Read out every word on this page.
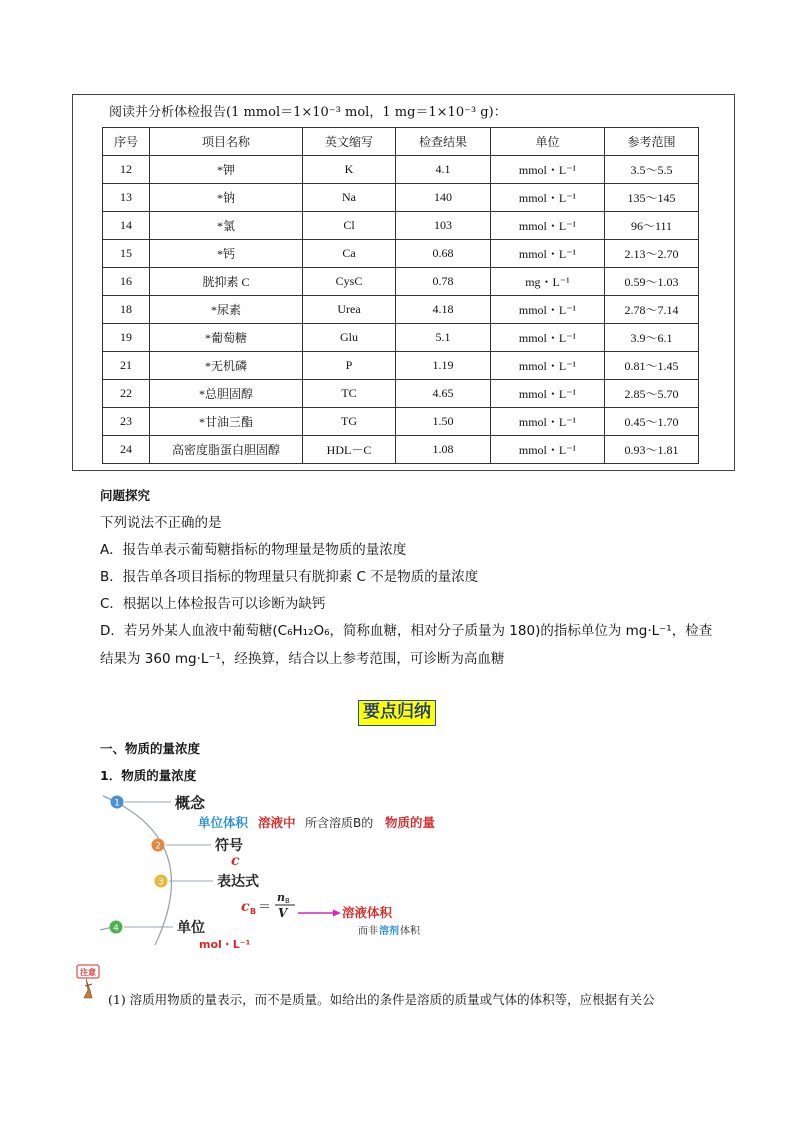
阅读并分析体检报告(1 mmol＝1×10⁻³ mol，1 mg＝1×10⁻³ g)：
序号	项目名称	英文缩写	检查结果	单位	参考范围
12	*钾	K	4.1	mmol・L⁻¹	3.5～5.5
13	*钠	Na	140	mmol・L⁻¹	135～145
14	*氯	Cl	103	mmol・L⁻¹	96～111
15	*钙	Ca	0.68	mmol・L⁻¹	2.13～2.70
16	胱抑素 C	CysC	0.78	mg・L⁻¹	0.59～1.03
18	*尿素	Urea	4.18	mmol・L⁻¹	2.78～7.14
19	*葡萄糖	Glu	5.1	mmol・L⁻¹	3.9～6.1
21	*无机磷	P	1.19	mmol・L⁻¹	0.81～1.45
22	*总胆固醇	TC	4.65	mmol・L⁻¹	2.85～5.70
23	*甘油三酯	TG	1.50	mmol・L⁻¹	0.45～1.70
24	高密度脂蛋白胆固醇	HDL－C	1.08	mmol・L⁻¹	0.93～1.81
问题探究
下列说法不正确的是
A．报告单表示葡萄糖指标的物理量是物质的量浓度
B．报告单各项目指标的物理量只有胱抑素 C 不是物质的量浓度
C．根据以上体检报告可以诊断为缺钙
D．若另外某人血液中葡萄糖(C₆H₁₂O₆，简称血糖，相对分子质量为 180)的指标单位为 mg·L⁻¹，检查
结果为 360 mg·L⁻¹，经换算，结合以上参考范围，可诊断为高血糖
要点归纳
一、物质的量浓度
1．物质的量浓度
1	概念
单位体积 溶液中 所含溶质B的 物质的量
2	符号
c
3	表达式
c B ＝
n B
V	溶液体积
而非 溶剂 体积
4	单位
mol・L⁻¹
注意
(1) 溶质用物质的量表示，而不是质量。如给出的条件是溶质的质量或气体的体积等，应根据有关公
